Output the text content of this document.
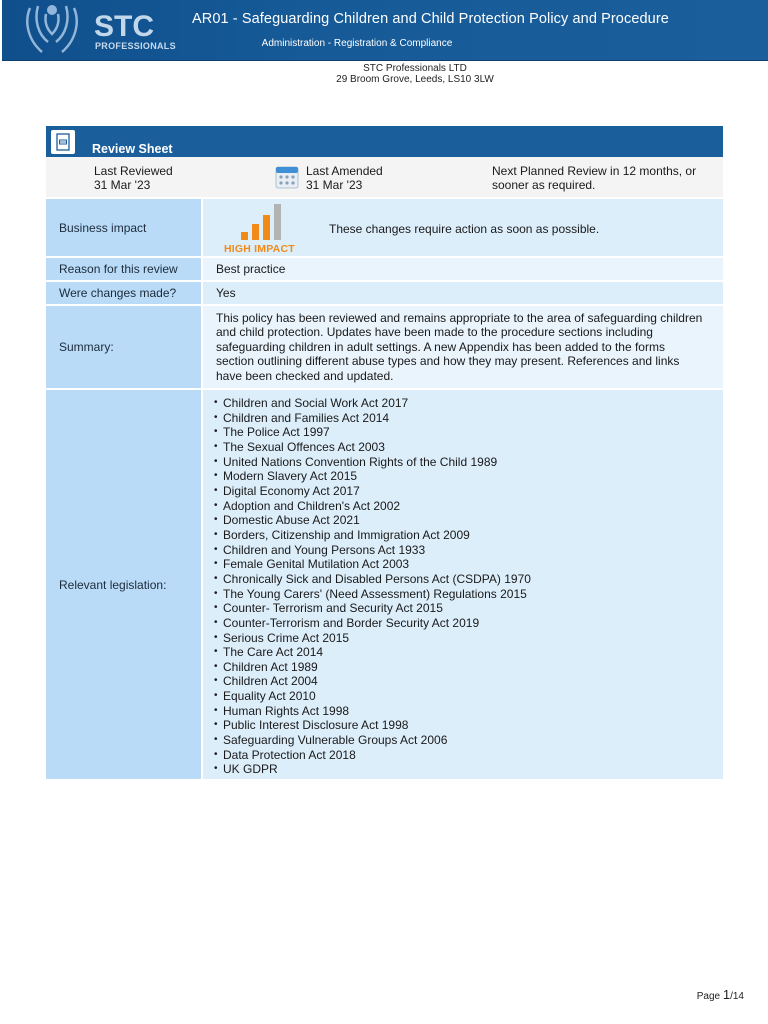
STC
PROFESSIONALS
AR01 - Safeguarding Children and Child Protection Policy and Procedure
Administration - Registration & Compliance
STC Professionals LTD
29 Broom Grove, Leeds, LS10 3LW
Review Sheet
Last Reviewed
31 Mar '23
Last Amended
31 Mar '23
Next Planned Review in 12 months, or
sooner as required.
Business impact
HIGH IMPACT
These changes require action as soon as possible.
Reason for this review	Best practice
Were changes made?	Yes
Summary:
This policy has been reviewed and remains appropriate to the area of safeguarding children
and child protection. Updates have been made to the procedure sections including
safeguarding children in adult settings. A new Appendix has been added to the forms
section outlining different abuse types and how they may present. References and links
have been checked and updated.
Relevant legislation:
• Children and Social Work Act 2017
• Children and Families Act 2014
• The Police Act 1997
• The Sexual Offences Act 2003
• United Nations Convention Rights of the Child 1989
• Modern Slavery Act 2015
• Digital Economy Act 2017
• Adoption and Children's Act 2002
• Domestic Abuse Act 2021
• Borders, Citizenship and Immigration Act 2009
• Children and Young Persons Act 1933
• Female Genital Mutilation Act 2003
• Chronically Sick and Disabled Persons Act (CSDPA) 1970
• The Young Carers' (Need Assessment) Regulations 2015
• Counter- Terrorism and Security Act 2015
• Counter-Terrorism and Border Security Act 2019
• Serious Crime Act 2015
• The Care Act 2014
• Children Act 1989
• Children Act 2004
• Equality Act 2010
• Human Rights Act 1998
• Public Interest Disclosure Act 1998
• Safeguarding Vulnerable Groups Act 2006
• Data Protection Act 2018
• UK GDPR
Page 1/14
